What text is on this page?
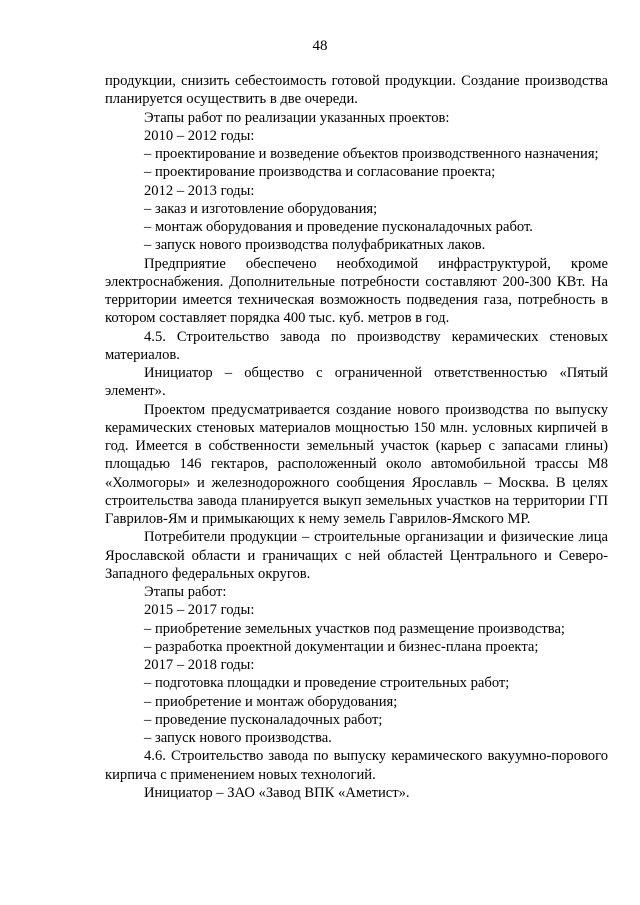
48

продукции, снизить себестоимость готовой продукции. Создание производства планируется осуществить в две очереди.

Этапы работ по реализации указанных проектов:

2010 – 2012 годы:

– проектирование и возведение объектов производственного назначения;

– проектирование производства и согласование проекта;

2012 – 2013 годы:

– заказ и изготовление оборудования;

– монтаж оборудования и проведение пусконаладочных работ.

– запуск нового производства полуфабрикатных лаков.

Предприятие обеспечено необходимой инфраструктурой, кроме электроснабжения. Дополнительные потребности составляют 200-300 КВт. На территории имеется техническая возможность подведения газа, потребность в котором составляет порядка 400 тыс. куб. метров в год.

4.5. Строительство завода по производству керамических стеновых материалов.

Инициатор – общество с ограниченной ответственностью «Пятый элемент».

Проектом предусматривается создание нового производства по выпуску керамических стеновых материалов мощностью 150 млн. условных кирпичей в год. Имеется в собственности земельный участок (карьер с запасами глины) площадью 146 гектаров, расположенный около автомобильной трассы М8 «Холмогоры» и железнодорожного сообщения Ярославль – Москва. В целях строительства завода планируется выкуп земельных участков на территории ГП Гаврилов-Ям и примыкающих к нему земель Гаврилов-Ямского МР.

Потребители продукции – строительные организации и физические лица Ярославской области и граничащих с ней областей Центрального и Северо-Западного федеральных округов.

Этапы работ:

2015 – 2017 годы:

– приобретение земельных участков под размещение производства;

– разработка проектной документации и бизнес-плана проекта;

2017 – 2018 годы:

– подготовка площадки и проведение строительных работ;

– приобретение и монтаж оборудования;

– проведение пусконаладочных работ;

– запуск нового производства.

4.6. Строительство завода по выпуску керамического вакуумно-порового кирпича с применением новых технологий.

Инициатор – ЗАО «Завод ВПК «Аметист».
